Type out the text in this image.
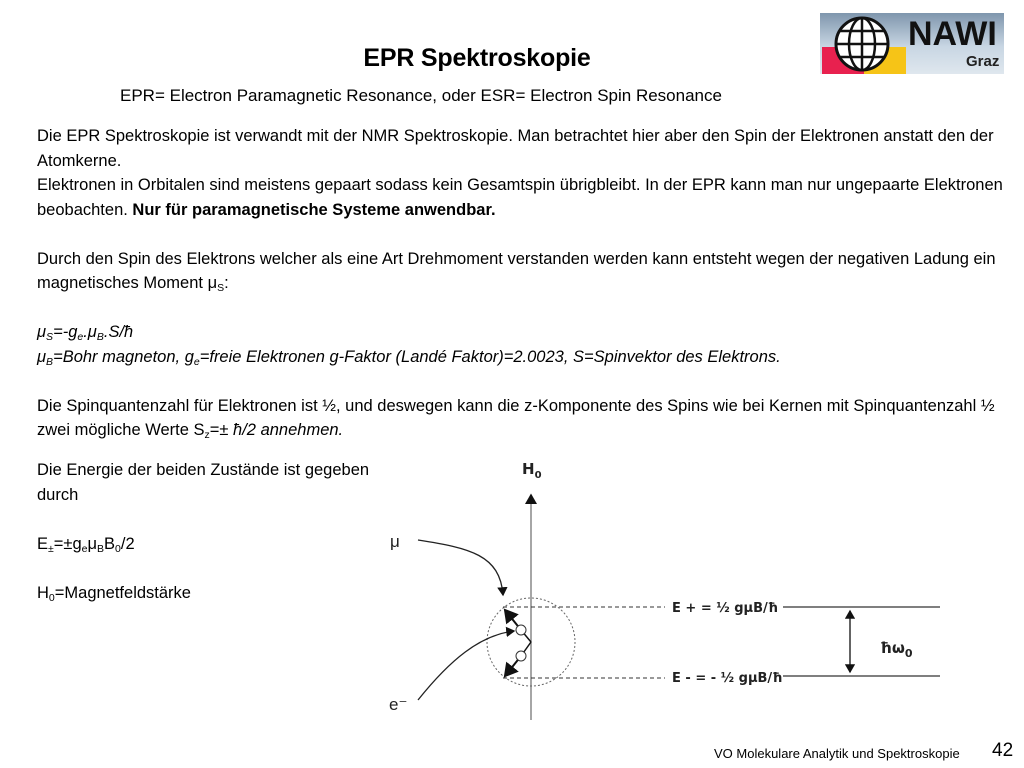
EPR Spektroskopie
EPR= Electron Paramagnetic Resonance, oder ESR= Electron Spin Resonance
NAWI
Graz

Die EPR Spektroskopie ist verwandt mit der NMR Spektroskopie. Man betrachtet hier aber den Spin der Elektronen anstatt den der Atomkerne.

Elektronen in Orbitalen sind meistens gepaart sodass kein Gesamtspin übrigbleibt. In der EPR kann man nur ungepaarte Elektronen beobachten. Nur für paramagnetische Systeme anwendbar.

Durch den Spin des Elektrons welcher als eine Art Drehmoment verstanden werden kann entsteht wegen der negativen Ladung ein magnetisches Moment $\mu_S$:

$\mu_S=-g_e.\mu_B.S/ħ$

$\mu_B=Bohr$ magneton, $g_e=freie$ Elektronen g-Faktor (Landé Faktor)=2.0023, S=Spinvektor des Elektrons.

Die Spinquantenzahl für Elektronen ist ½, und deswegen kann die z-Komponente des Spins wie bei Kernen mit Spinquantenzahl ½ zwei mögliche Werte $S_z=\pm$ ħ/2 annehmen.

Die Energie der beiden Zustände ist gegeben durch

$E_\pm=\pm g_e\mu_BB_0/2$

$H_0=Magnetfeldstärke$

$H_0$
μ
e⁻
E + = ½ gμB/ħ
E - = - ½ gμB/ħ
$ħ\omega_0$
VO Molekulare Analytik und Spektroskopie 42
